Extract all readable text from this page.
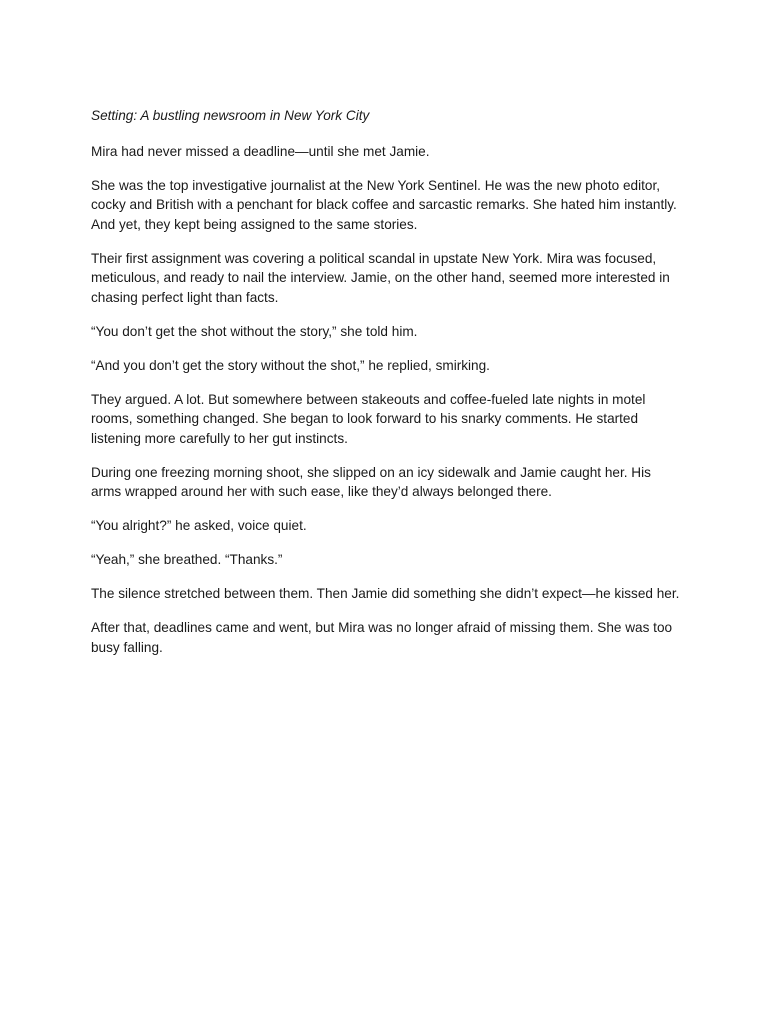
Setting: A bustling newsroom in New York City

Mira had never missed a deadline—until she met Jamie.

She was the top investigative journalist at the New York Sentinel. He was the new photo editor, cocky and British with a penchant for black coffee and sarcastic remarks. She hated him instantly. And yet, they kept being assigned to the same stories.

Their first assignment was covering a political scandal in upstate New York. Mira was focused, meticulous, and ready to nail the interview. Jamie, on the other hand, seemed more interested in chasing perfect light than facts.

“You don’t get the shot without the story,” she told him.

“And you don’t get the story without the shot,” he replied, smirking.

They argued. A lot. But somewhere between stakeouts and coffee-fueled late nights in motel rooms, something changed. She began to look forward to his snarky comments. He started listening more carefully to her gut instincts.

During one freezing morning shoot, she slipped on an icy sidewalk and Jamie caught her. His arms wrapped around her with such ease, like they’d always belonged there.

“You alright?” he asked, voice quiet.

“Yeah,” she breathed. “Thanks.”

The silence stretched between them. Then Jamie did something she didn’t expect—he kissed her.

After that, deadlines came and went, but Mira was no longer afraid of missing them. She was too busy falling.
